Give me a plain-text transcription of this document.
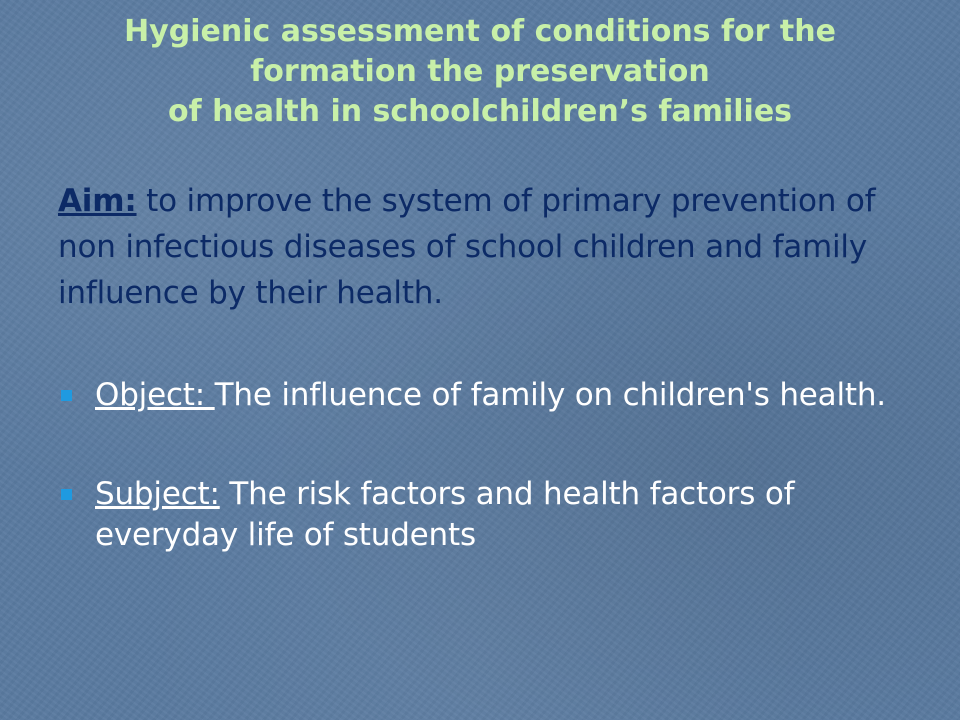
Hygienic assessment of conditions for the
formation the preservation
of health in schoolchildren’s families

Aim: to improve the system of primary prevention of non infectious diseases of school children and family influence by their health.

Object: The influence of family on children's health.
Subject: The risk factors and health factors of everyday life of students
